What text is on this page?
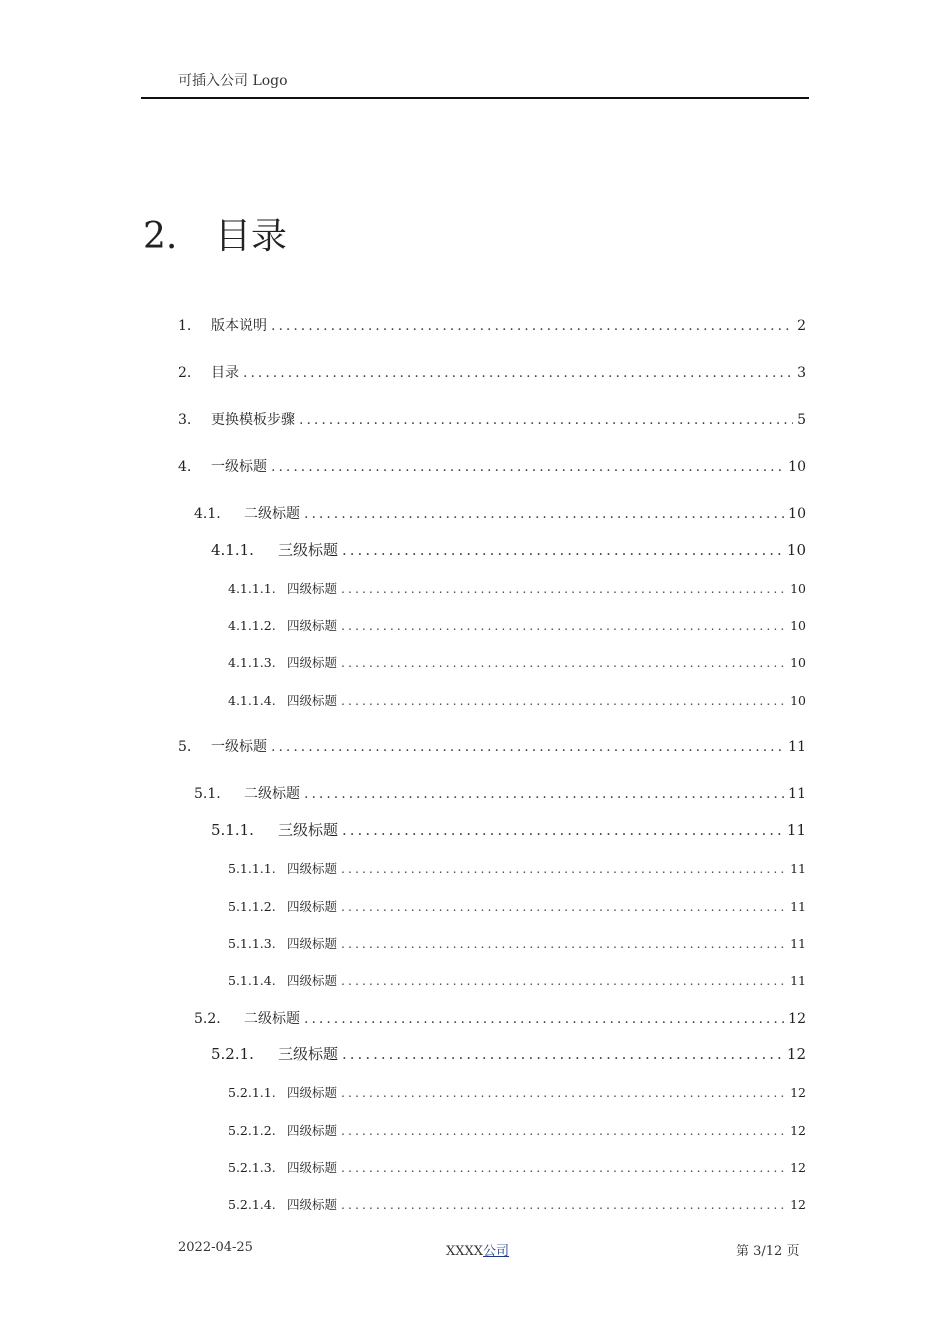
可插入公司 Logo
2. 目录
1.	版本说明 .....	2
2.	目录 .....	3
3.	更换模板步骤 .....	5
4.	一级标题 .....	10
4.1.	二级标题 .....	10
4.1.1.	三级标题 .....	10
4.1.1.1. 四级标题 .....	10
4.1.1.2. 四级标题 .....	10
4.1.1.3. 四级标题 .....	10
4.1.1.4. 四级标题 .....	10
5.	一级标题 .....	11
5.1.	二级标题 .....	11
5.1.1.	三级标题 .....	11
5.1.1.1. 四级标题 .....	11
5.1.1.2. 四级标题 .....	11
5.1.1.3. 四级标题 .....	11
5.1.1.4. 四级标题 .....	11
5.2.	二级标题 .....	12
5.2.1.	三级标题 .....	12
5.2.1.1. 四级标题 .....	12
5.2.1.2. 四级标题 .....	12
5.2.1.3. 四级标题 .....	12
5.2.1.4. 四级标题 .....	12
2022-04-25	XXXX公司	第 3/12 页
